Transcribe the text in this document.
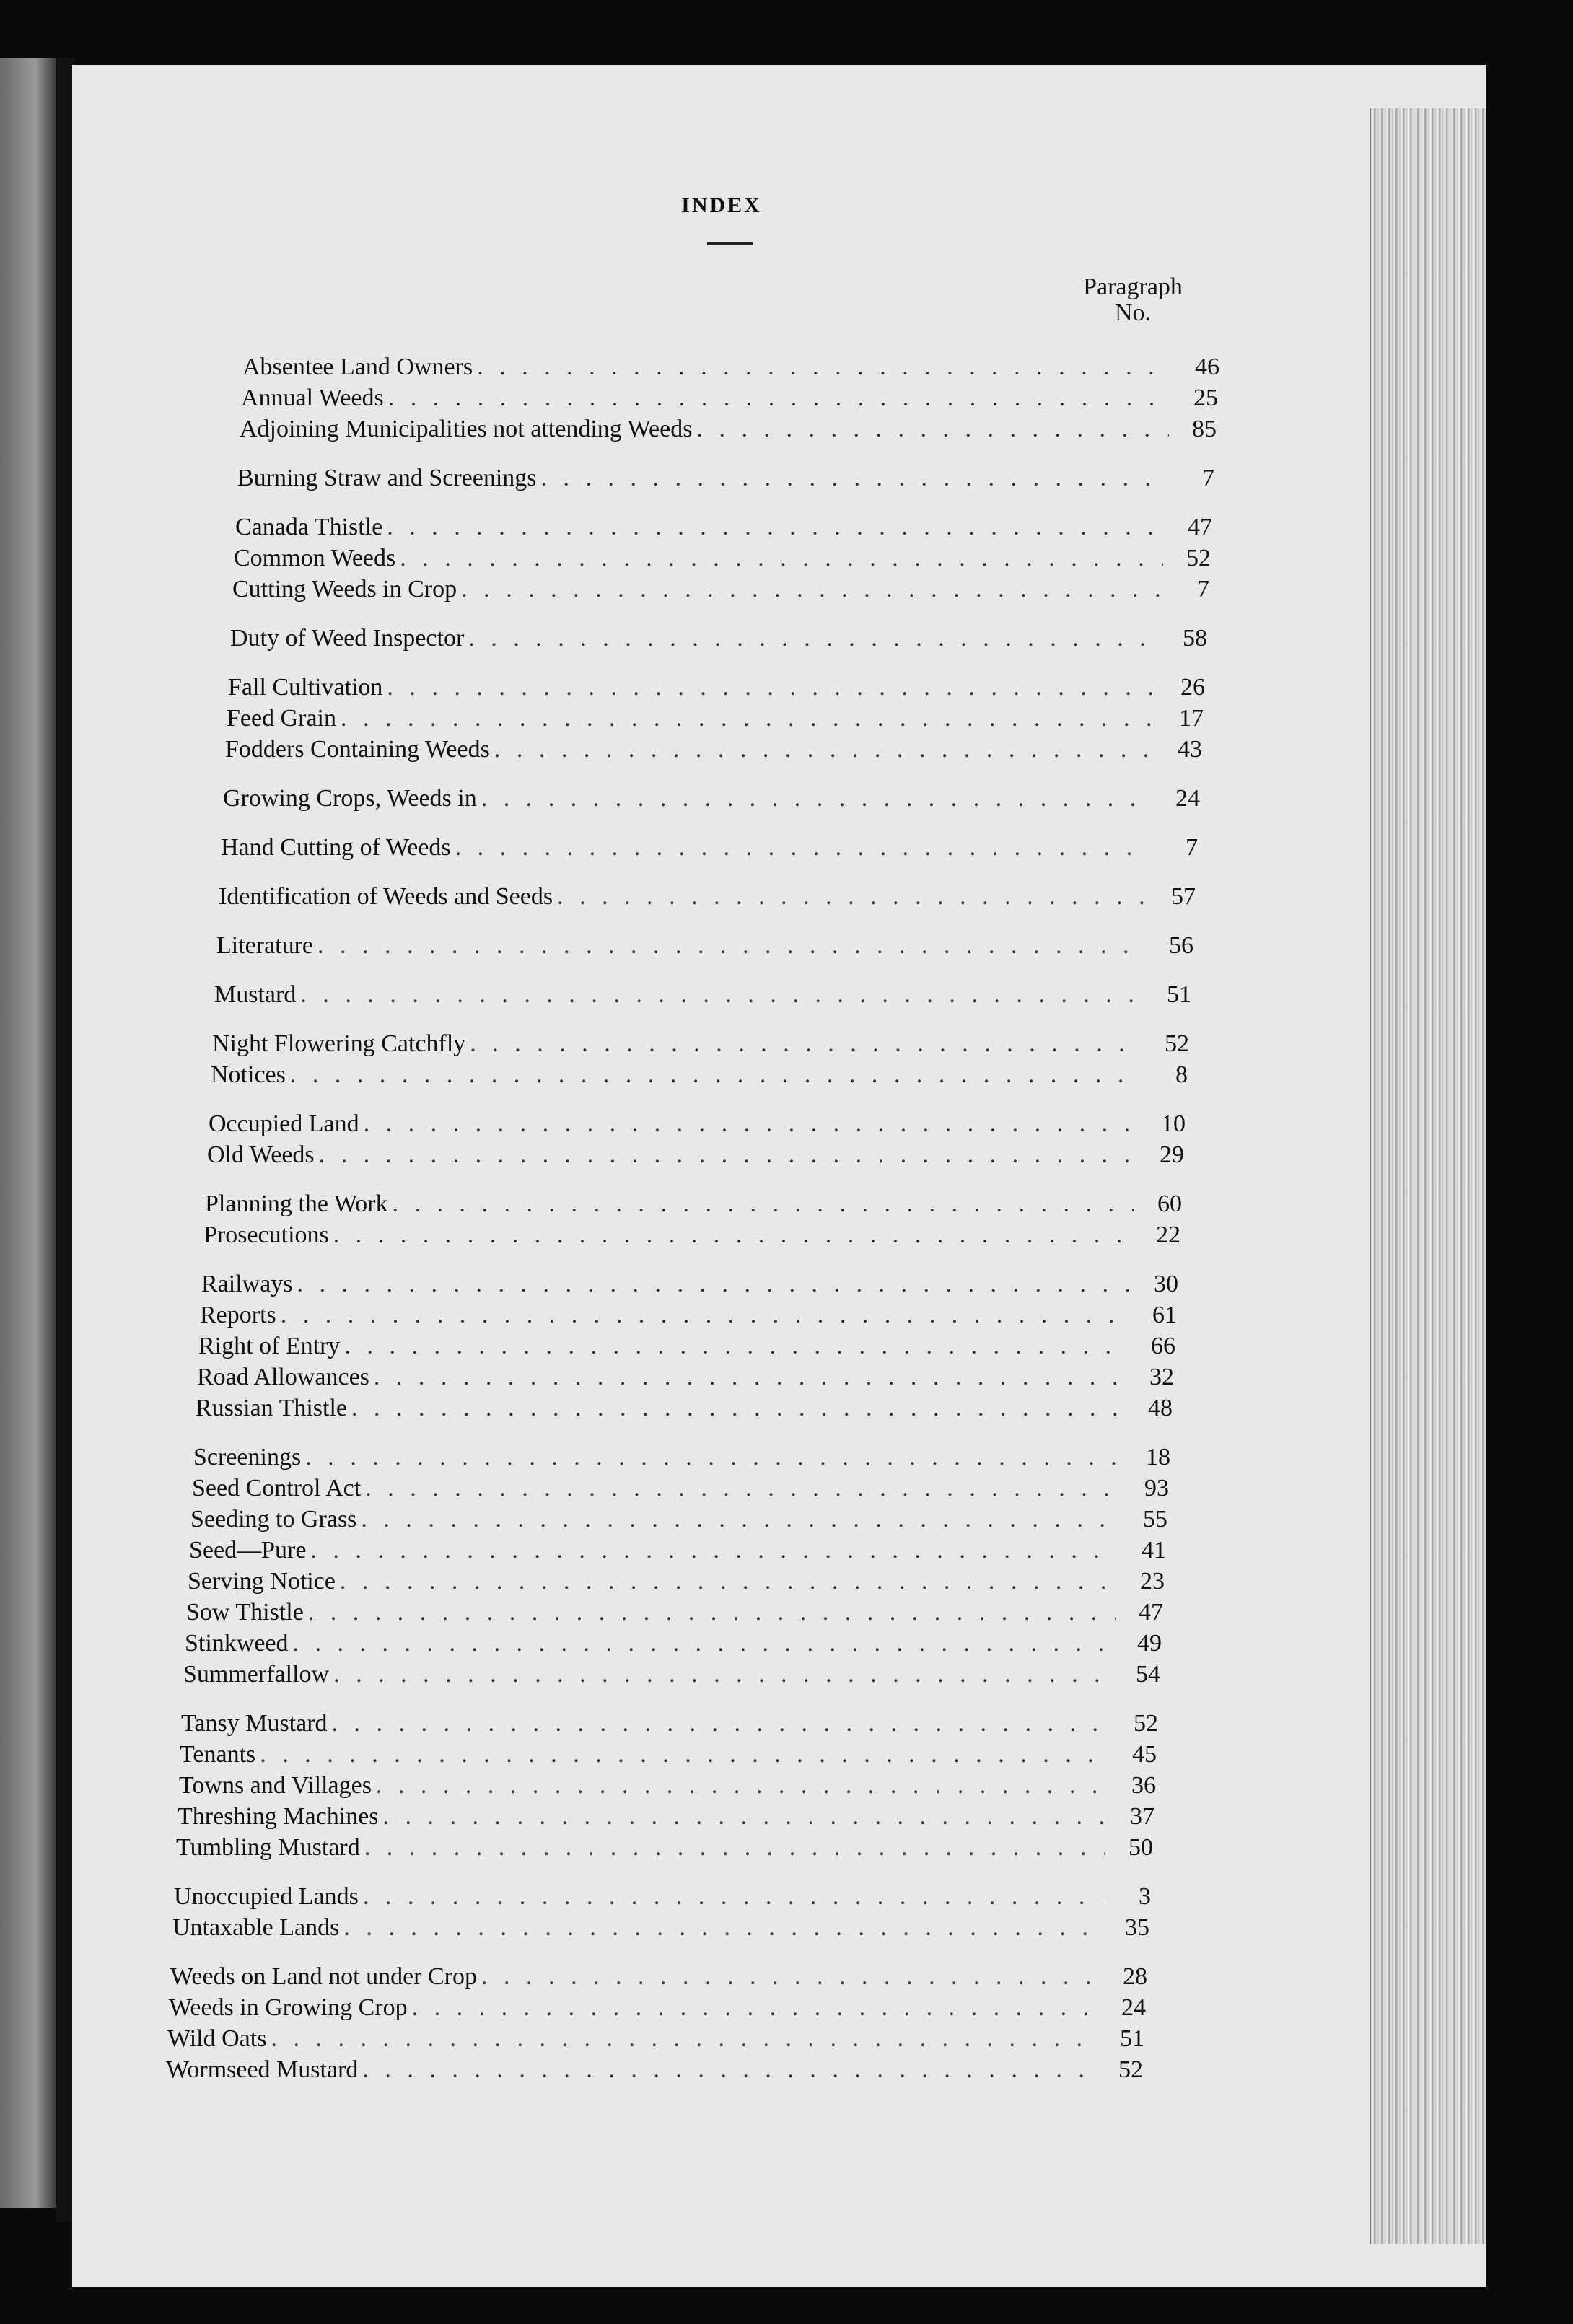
INDEX
Paragraph
No.
Absentee Land Owners . . .	46
Annual Weeds . . .	25
Adjoining Municipalities not attending Weeds . . .	85
Burning Straw and Screenings . . .	7
Canada Thistle . . .	47
Common Weeds . . .	52
Cutting Weeds in Crop . . .	7
Duty of Weed Inspector . . .	58
Fall Cultivation . . .	26
Feed Grain . . .	17
Fodders Containing Weeds . . .	43
Growing Crops, Weeds in . . .	24
Hand Cutting of Weeds . . .	7
Identification of Weeds and Seeds . . .	57
Literature . . .	56
Mustard . . .	51
Night Flowering Catchfly . . .	52
Notices . . .	8
Occupied Land . . .	10
Old Weeds . . .	29
Planning the Work . . .	60
Prosecutions . . .	22
Railways . . .	30
Reports . . .	61
Right of Entry . . .	66
Road Allowances . . .	32
Russian Thistle . . .	48
Screenings . . .	18
Seed Control Act . . .	93
Seeding to Grass . . .	55
Seed—Pure . . .	41
Serving Notice . . .	23
Sow Thistle . . .	47
Stinkweed . . .	49
Summerfallow . . .	54
Tansy Mustard . . .	52
Tenants . . .	45
Towns and Villages . . .	36
Threshing Machines . . .	37
Tumbling Mustard . . .	50
Unoccupied Lands . . .	3
Untaxable Lands . . .	35
Weeds on Land not under Crop . . .	28
Weeds in Growing Crop . . .	24
Wild Oats . . .	51
Wormseed Mustard . . .	52
